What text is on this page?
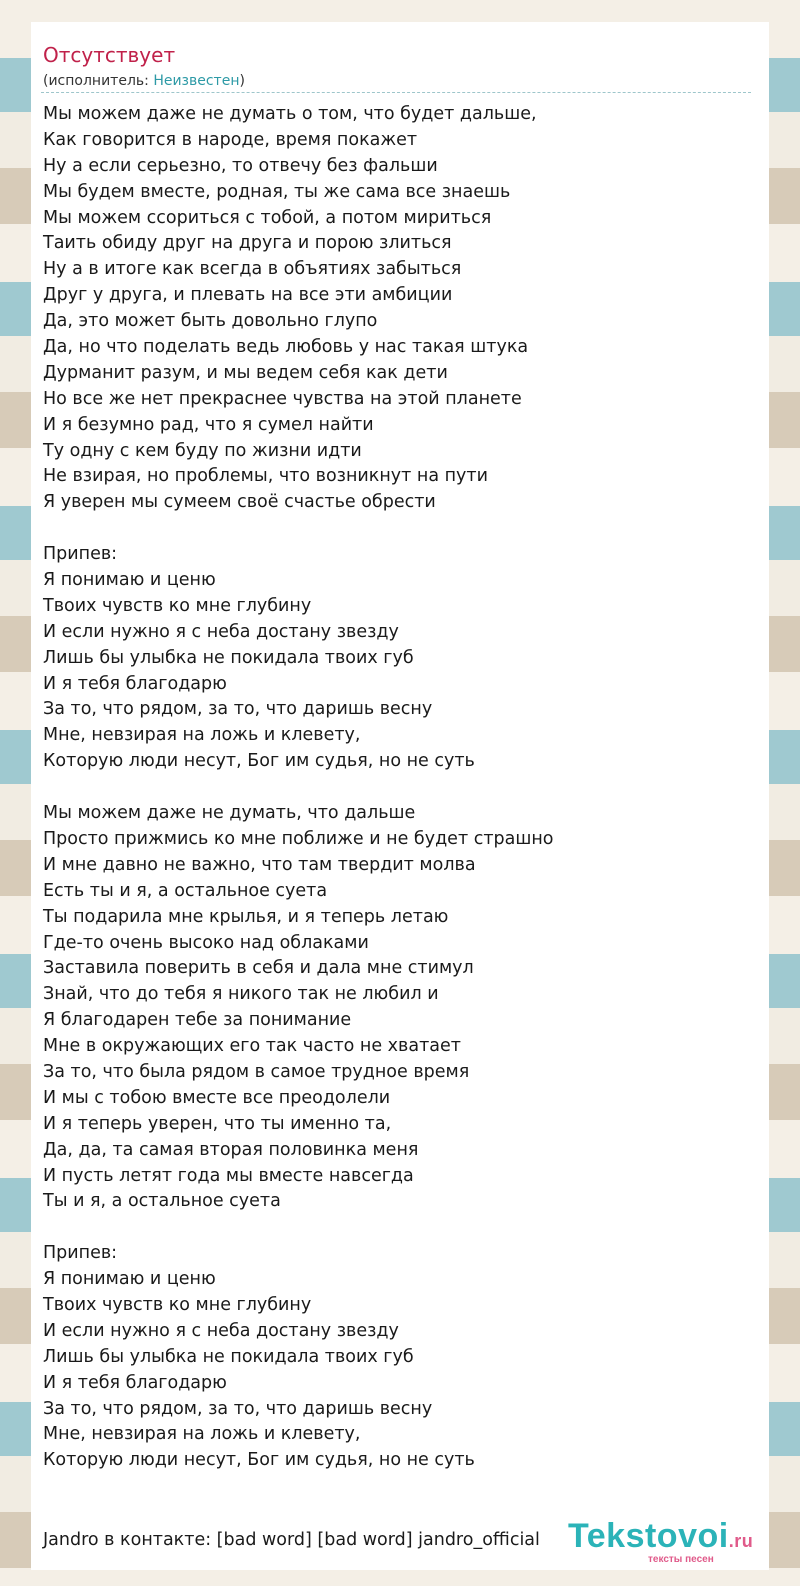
Отсутствует
(исполнитель: Неизвестен)
Мы можем даже не думать о том, что будет дальше,
Как говорится в народе, время покажет
Ну а если серьезно, то отвечу без фальши
Мы будем вместе, родная, ты же сама все знаешь
Мы можем ссориться с тобой, а потом мириться
Таить обиду друг на друга и порою злиться
Ну а в итоге как всегда в объятиях забыться
Друг у друга, и плевать на все эти амбиции
Да, это может быть довольно глупо
Да, но что поделать ведь любовь у нас такая штука
Дурманит разум, и мы ведем себя как дети
Но все же нет прекраснее чувства на этой планете
И я безумно рад, что я сумел найти
Ту одну с кем буду по жизни идти
Не взирая, но проблемы, что возникнут на пути
Я уверен мы сумеем своё счастье обрести
Припев:
Я понимаю и ценю
Твоих чувств ко мне глубину
И если нужно я с неба достану звезду
Лишь бы улыбка не покидала твоих губ
И я тебя благодарю
За то, что рядом, за то, что даришь весну
Мне, невзирая на ложь и клевету,
Которую люди несут, Бог им судья, но не суть
Мы можем даже не думать, что дальше
Просто прижмись ко мне поближе и не будет страшно
И мне давно не важно, что там твердит молва
Есть ты и я, а остальное суета
Ты подарила мне крылья, и я теперь летаю
Где-то очень высоко над облаками
Заставила поверить в себя и дала мне стимул
Знай, что до тебя я никого так не любил и
Я благодарен тебе за понимание
Мне в окружающих его так часто не хватает
За то, что была рядом в самое трудное время
И мы с тобою вместе все преодолели
И я теперь уверен, что ты именно та,
Да, да, та самая вторая половинка меня
И пусть летят года мы вместе навсегда
Ты и я, а остальное суета
Припев:
Я понимаю и ценю
Твоих чувств ко мне глубину
И если нужно я с неба достану звезду
Лишь бы улыбка не покидала твоих губ
И я тебя благодарю
За то, что рядом, за то, что даришь весну
Мне, невзирая на ложь и клевету,
Которую люди несут, Бог им судья, но не суть
Jandro в контакте: [bad word] [bad word] jandro_official Tekstovoi.ru
тексты песен
